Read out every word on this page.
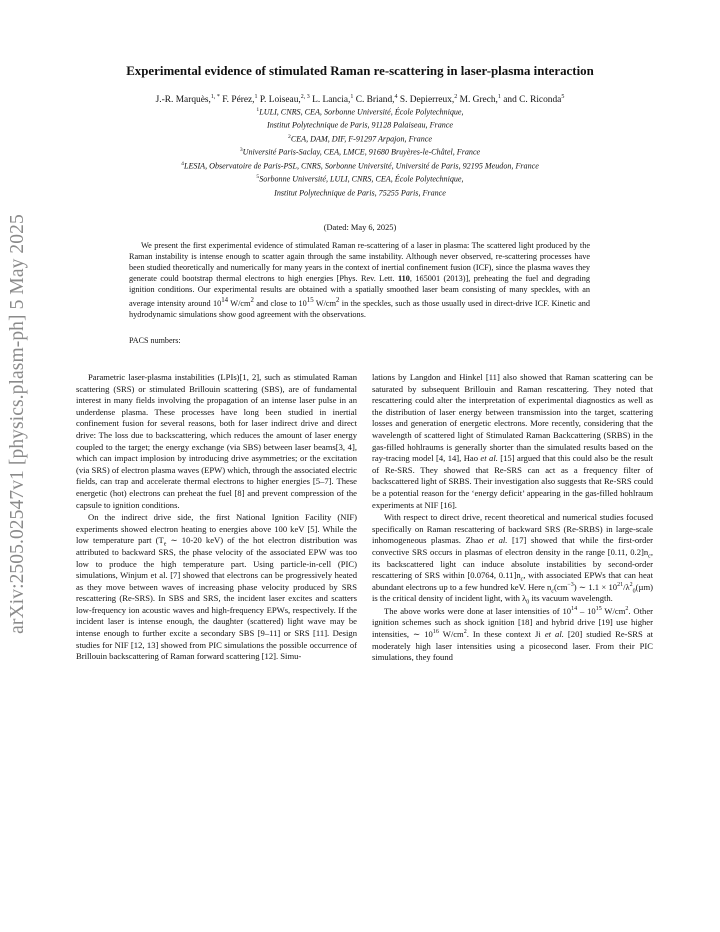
arXiv:2505.02547v1 [physics.plasm-ph] 5 May 2025
Experimental evidence of stimulated Raman re-scattering in laser-plasma interaction
J.-R. Marquès,$^{1, *}$ F. Pérez,$^1$ P. Loiseau,$^{2, 3}$ L. Lancia,$^1$ C. Briand,$^4$ S. Depierreux,$^2$ M. Grech,$^1$ and C. Riconda$^5$
$^1$LULI, CNRS, CEA, Sorbonne Université, École Polytechnique,
Institut Polytechnique de Paris, 91128 Palaiseau, France
$^2$CEA, DAM, DIF, F-91297 Arpajon, France
$^3$Université Paris-Saclay, CEA, LMCE, 91680 Bruyères-le-Châtel, France
$^4$LESIA, Observatoire de Paris-PSL, CNRS, Sorbonne Université, Université de Paris, 92195 Meudon, France
$^5$Sorbonne Université, LULI, CNRS, CEA, École Polytechnique,
Institut Polytechnique de Paris, 75255 Paris, France
(Dated: May 6, 2025)

We present the first experimental evidence of stimulated Raman re-scattering of a laser in plasma: The scattered light produced by the Raman instability is intense enough to scatter again through the same instability. Although never observed, re-scattering processes have been studied theoretically and numerically for many years in the context of inertial confinement fusion (ICF), since the plasma waves they generate could bootstrap thermal electrons to high energies [Phys. Rev. Lett. 110, 165001 (2013)], preheating the fuel and degrading ignition conditions. Our experimental results are obtained with a spatially smoothed laser beam consisting of many speckles, with an average intensity around $10^{14}$ $W/cm^2$ and close to $10^{15}$ $W/cm^2$ in the speckles, such as those usually used in direct-drive ICF. Kinetic and hydrodynamic simulations show good agreement with the observations.

PACS numbers:

Parametric laser-plasma instabilities (LPIs)[1, 2], such as stimulated Raman scattering (SRS) or stimulated Brillouin scattering (SBS), are of fundamental interest in many fields involving the propagation of an intense laser pulse in an underdense plasma. These processes have long been studied in inertial confinement fusion for several reasons, both for laser indirect drive and direct drive: The loss due to backscattering, which reduces the amount of laser energy coupled to the target; the energy exchange (via SBS) between laser beams[3, 4], which can impact implosion by introducing drive asymmetries; or the excitation (via SRS) of electron plasma waves (EPW) which, through the associated electric fields, can trap and accelerate thermal electrons to higher energies [5–7]. These energetic (hot) electrons can preheat the fuel [8] and prevent compression of the capsule to ignition conditions.

On the indirect drive side, the first National Ignition Facility (NIF) experiments showed electron heating to energies above 100 keV [5]. While the low temperature part ($T_e$ ∼ 10-20 keV) of the hot electron distribution was attributed to backward SRS, the phase velocity of the associated EPW was too low to produce the high temperature part. Using particle-in-cell (PIC) simulations, Winjum et al. [7] showed that electrons can be progressively heated as they move between waves of increasing phase velocity produced by SRS rescattering (Re-SRS). In SBS and SRS, the incident laser excites and scatters low-frequency ion acoustic waves and high-frequency EPWs, respectively. If the incident laser is intense enough, the daughter (scattered) light wave may be intense enough to further excite a secondary SBS [9–11] or SRS [11]. Design studies for NIF [12, 13] showed from PIC simulations the possible occurrence of Brillouin backscattering of Raman forward scattering [12]. Simu-

lations by Langdon and Hinkel [11] also showed that Raman scattering can be saturated by subsequent Brillouin and Raman rescattering. They noted that rescattering could alter the interpretation of experimental diagnostics as well as the distribution of laser energy between transmission into the target, scattering losses and generation of energetic electrons. More recently, considering that the wavelength of scattered light of Stimulated Raman Backcattering (SRBS) in the gas-filled hohlraums is generally shorter than the simulated results based on the ray-tracing model [4, 14], Hao et al. [15] argued that this could also be the result of Re-SRS. They showed that Re-SRS can act as a frequency filter of backscattered light of SRBS. Their investigation also suggests that Re-SRS could be a potential reason for the ‘energy deficit’ appearing in the gas-filled hohlraum experiments at NIF [16].

With respect to direct drive, recent theoretical and numerical studies focused specifically on Raman rescattering of backward SRS (Re-SRBS) in large-scale inhomogeneous plasmas. Zhao et al. [17] showed that while the first-order convective SRS occurs in plasmas of electron density in the range [0.11, $0.2]n_c$, its backscattered light can induce absolute instabilities by second-order rescattering of SRS within [0.0764, $0.11]n_c$, with associated EPWs that can heat abundant electrons up to a few hundred keV. Here $n_c(cm^{-3})$ ∼ $1.1 \times 10^{21}/\lambda^2_0(\mu m)$ is the critical density of incident light, with $\lambda_0$ its vacuum wavelength.

The above works were done at laser intensities of $10^{14} - 10^{15}$ $W/cm^2$. Other ignition schemes such as shock ignition [18] and hybrid drive [19] use higher intensities, ∼ $10^{16}$ $W/cm^2$. In these context Ji et al. [20] studied Re-SRS at moderately high laser intensities using a picosecond laser. From their PIC simulations, they found
